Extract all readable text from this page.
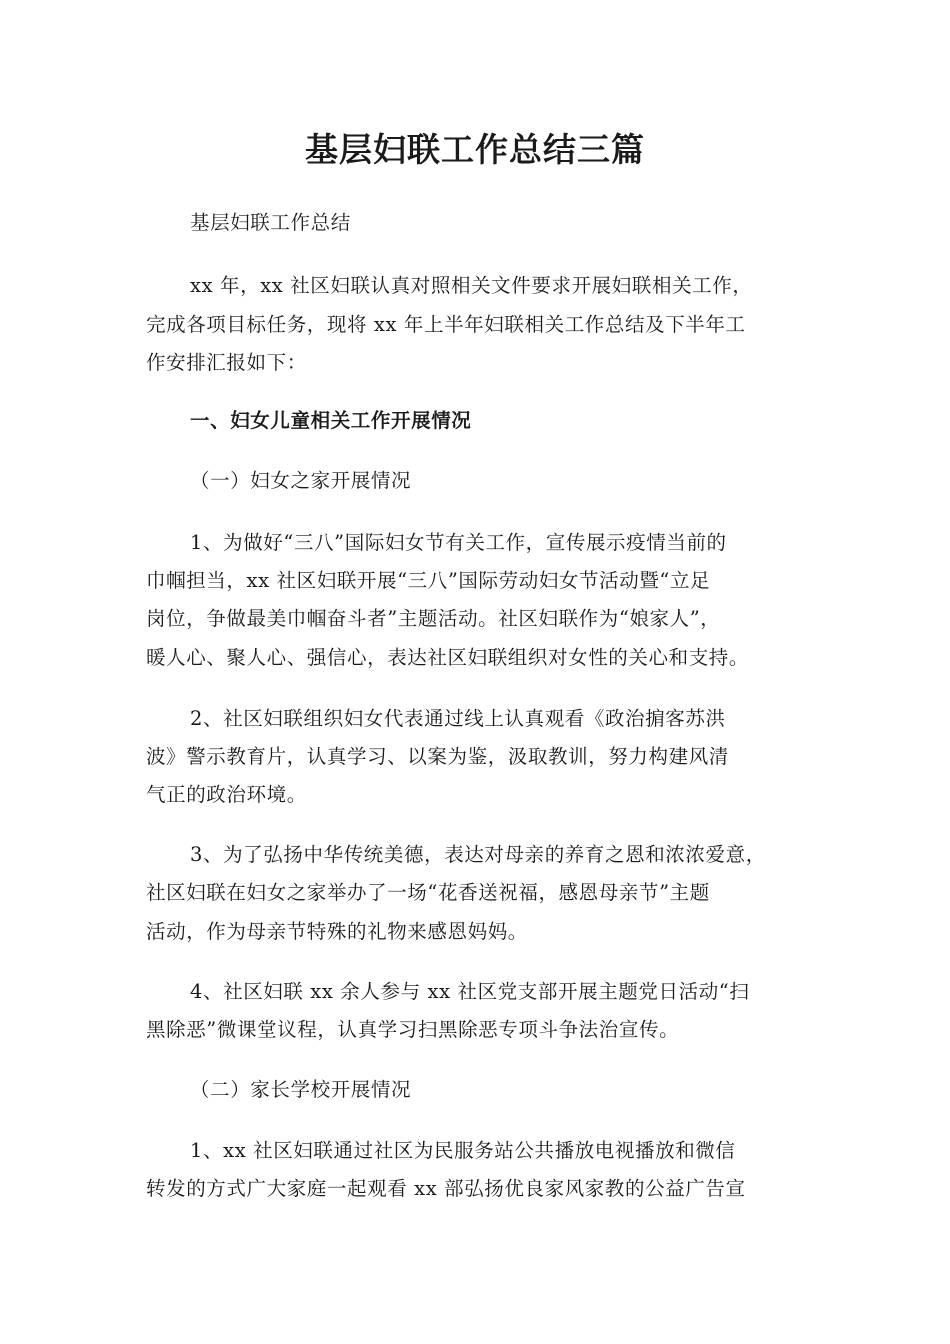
基层妇联工作总结三篇
基层妇联工作总结
xx 年，xx 社区妇联认真对照相关文件要求开展妇联相关工作，
完成各项目标任务，现将 xx 年上半年妇联相关工作总结及下半年工
作安排汇报如下：
一、妇女儿童相关工作开展情况
（一）妇女之家开展情况
1、为做好“三八”国际妇女节有关工作，宣传展示疫情当前的
巾帼担当，xx 社区妇联开展“三八”国际劳动妇女节活动暨“立足
岗位，争做最美巾帼奋斗者”主题活动。社区妇联作为“娘家人”，
暖人心、聚人心、强信心，表达社区妇联组织对女性的关心和支持。
2、社区妇联组织妇女代表通过线上认真观看《政治掮客苏洪
波》警示教育片，认真学习、以案为鉴，汲取教训，努力构建风清
气正的政治环境。
3、为了弘扬中华传统美德，表达对母亲的养育之恩和浓浓爱意，
社区妇联在妇女之家举办了一场“花香送祝福，感恩母亲节”主题
活动，作为母亲节特殊的礼物来感恩妈妈。
4、社区妇联 xx 余人参与 xx 社区党支部开展主题党日活动“扫
黑除恶”微课堂议程，认真学习扫黑除恶专项斗争法治宣传。
（二）家长学校开展情况
1、xx 社区妇联通过社区为民服务站公共播放电视播放和微信
转发的方式广大家庭一起观看 xx 部弘扬优良家风家教的公益广告宣
